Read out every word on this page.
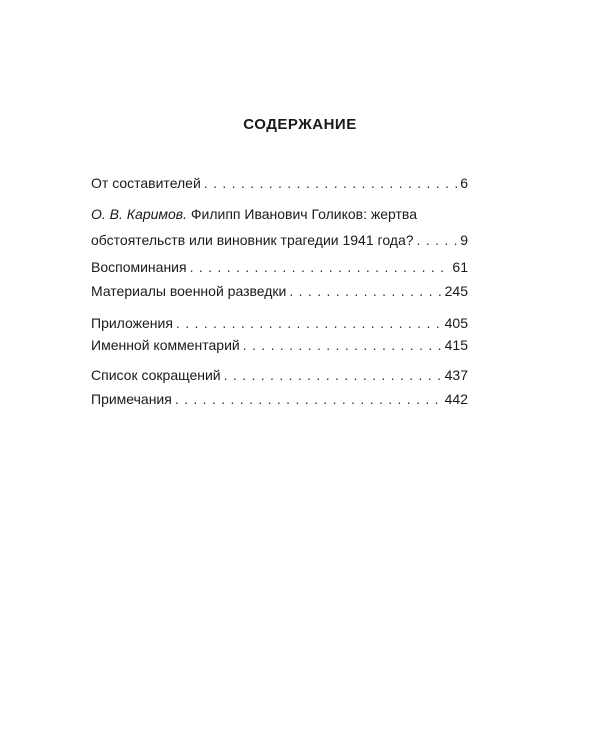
СОДЕРЖАНИЕ
От составителей . . .	6
О. В. Каримов. Филипп Иванович Голиков: жертва
обстоятельств или виновник трагедии 1941 года? . . .	9
Воспоминания . . .	61
Материалы военной разведки . . .	245
Приложения . . .	405
Именной комментарий . . .	415
Список сокращений . . .	437
Примечания . . .	442
